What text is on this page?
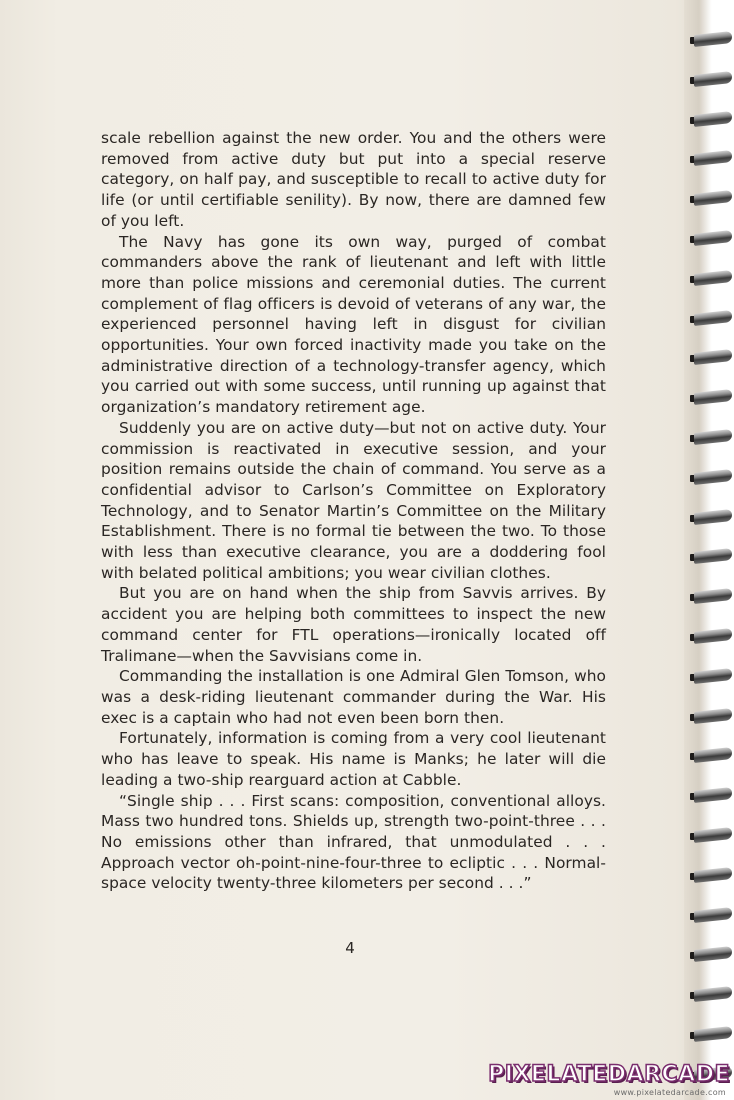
scale rebellion against the new order. You and the others were removed from active duty but put into a special reserve category, on half pay, and susceptible to recall to active duty for life (or until certifiable senility). By now, there are damned few of you left.

The Navy has gone its own way, purged of combat commanders above the rank of lieutenant and left with little more than police missions and ceremonial duties. The current complement of flag officers is devoid of veterans of any war, the experienced personnel having left in disgust for civilian opportunities. Your own forced inactivity made you take on the administrative direction of a technology-transfer agency, which you carried out with some success, until running up against that organization’s mandatory retirement age.

Suddenly you are on active duty—but not on active duty. Your commission is reactivated in executive session, and your position remains outside the chain of command. You serve as a confidential advisor to Carlson’s Committee on Exploratory Technology, and to Senator Martin’s Committee on the Military Establishment. There is no formal tie between the two. To those with less than executive clearance, you are a doddering fool with belated political ambitions; you wear civilian clothes.

But you are on hand when the ship from Savvis arrives. By accident you are helping both committees to inspect the new command center for FTL operations—ironically located off Tralimane—when the Savvisians come in.

Commanding the installation is one Admiral Glen Tomson, who was a desk-riding lieutenant commander during the War. His exec is a captain who had not even been born then.

Fortunately, information is coming from a very cool lieutenant who has leave to speak. His name is Manks; he later will die leading a two-ship rearguard action at Cabble.

“Single ship . . . First scans: composition, conventional alloys. Mass two hundred tons. Shields up, strength two-point-three . . . No emissions other than infrared, that unmodulated . . . Approach vector oh-point-nine-four-three to ecliptic . . . Normal-space velocity twenty-three kilometers per second . . .”

4
PIXELATEDARCADE
www.pixelatedarcade.com
